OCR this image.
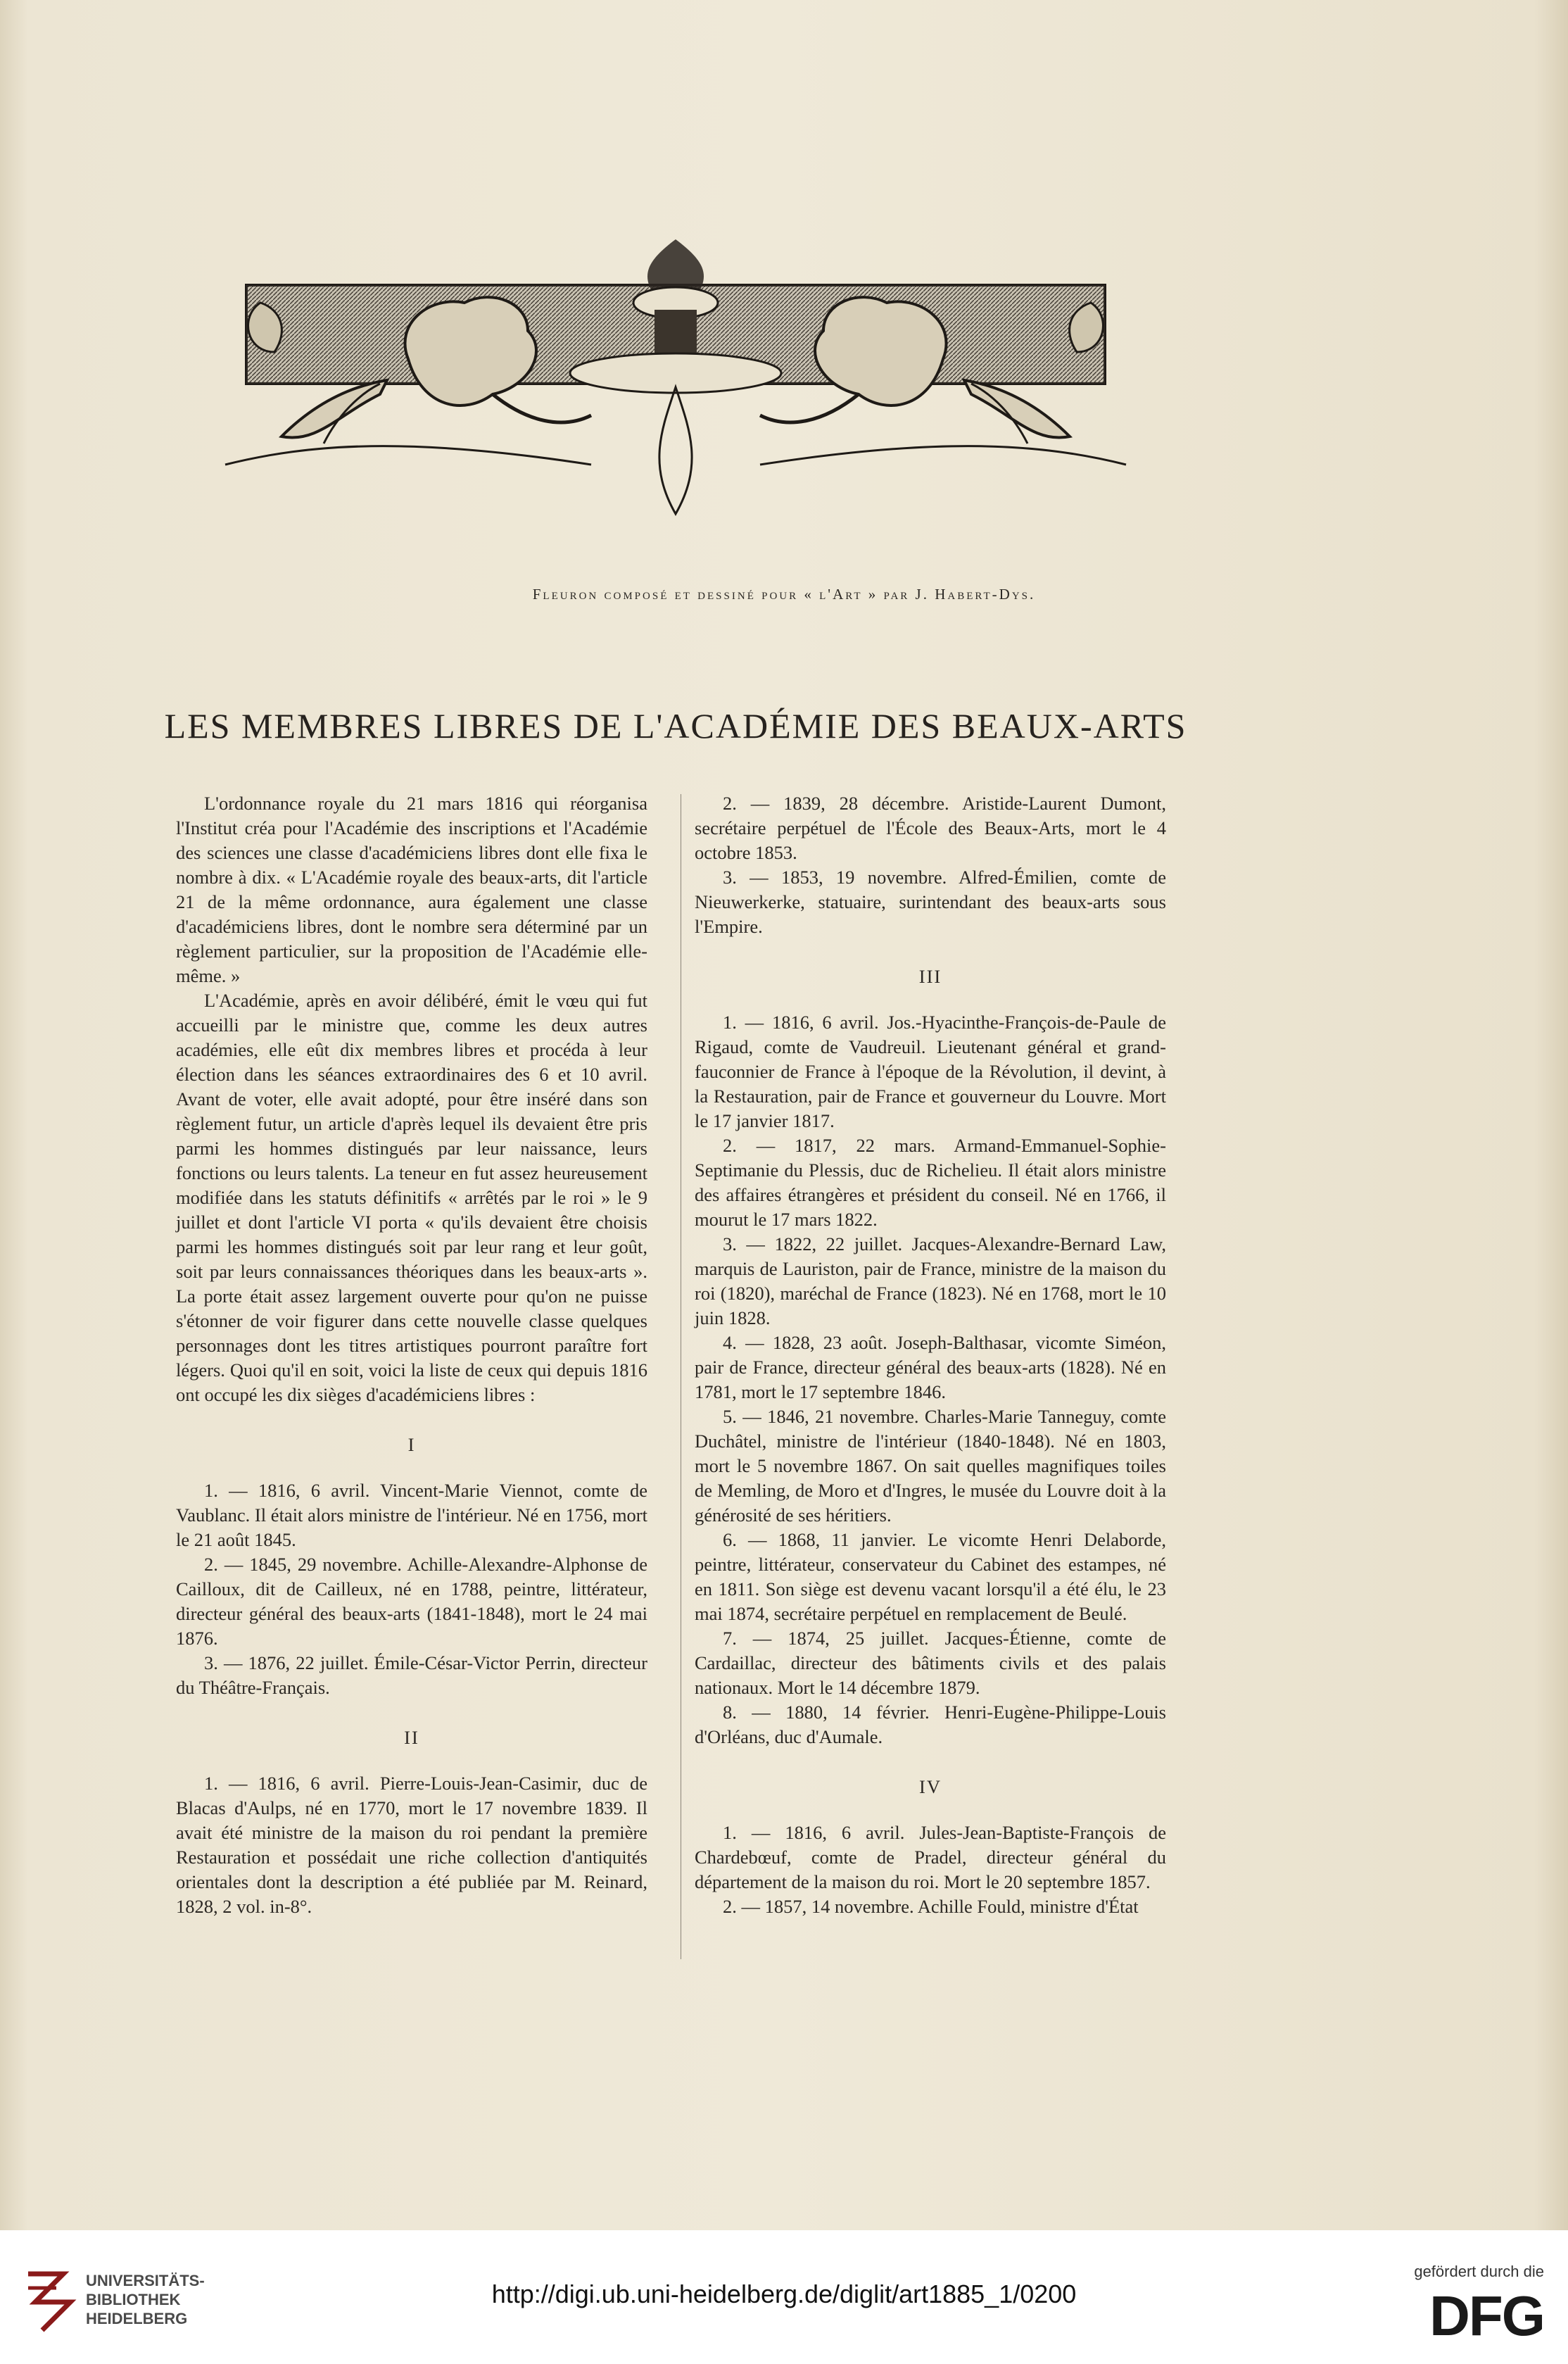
Fleuron composé et dessiné pour « l'Art » par J. Habert-Dys.
LES MEMBRES LIBRES DE L'ACADÉMIE DES BEAUX-ARTS

L'ordonnance royale du 21 mars 1816 qui réorganisa l'Institut créa pour l'Académie des inscriptions et l'Académie des sciences une classe d'académiciens libres dont elle fixa le nombre à dix. « L'Académie royale des beaux-arts, dit l'article 21 de la même ordonnance, aura également une classe d'académiciens libres, dont le nombre sera déterminé par un règlement particulier, sur la proposition de l'Académie elle-même. »

L'Académie, après en avoir délibéré, émit le vœu qui fut accueilli par le ministre que, comme les deux autres académies, elle eût dix membres libres et procéda à leur élection dans les séances extraordinaires des 6 et 10 avril. Avant de voter, elle avait adopté, pour être inséré dans son règlement futur, un article d'après lequel ils devaient être pris parmi les hommes distingués par leur naissance, leurs fonctions ou leurs talents. La teneur en fut assez heureusement modifiée dans les statuts définitifs « arrêtés par le roi » le 9 juillet et dont l'article VI porta « qu'ils devaient être choisis parmi les hommes distingués soit par leur rang et leur goût, soit par leurs connaissances théoriques dans les beaux-arts ». La porte était assez largement ouverte pour qu'on ne puisse s'étonner de voir figurer dans cette nouvelle classe quelques personnages dont les titres artistiques pourront paraître fort légers. Quoi qu'il en soit, voici la liste de ceux qui depuis 1816 ont occupé les dix sièges d'académiciens libres :

I

1. — 1816, 6 avril. Vincent-Marie Viennot, comte de Vaublanc. Il était alors ministre de l'intérieur. Né en 1756, mort le 21 août 1845.

2. — 1845, 29 novembre. Achille-Alexandre-Alphonse de Cailloux, dit de Cailleux, né en 1788, peintre, littérateur, directeur général des beaux-arts (1841-1848), mort le 24 mai 1876.

3. — 1876, 22 juillet. Émile-César-Victor Perrin, directeur du Théâtre-Français.

II

1. — 1816, 6 avril. Pierre-Louis-Jean-Casimir, duc de Blacas d'Aulps, né en 1770, mort le 17 novembre 1839. Il avait été ministre de la maison du roi pendant la première Restauration et possédait une riche collection d'antiquités orientales dont la description a été publiée par M. Reinard, 1828, 2 vol. in-8°.

2. — 1839, 28 décembre. Aristide-Laurent Dumont, secrétaire perpétuel de l'École des Beaux-Arts, mort le 4 octobre 1853.

3. — 1853, 19 novembre. Alfred-Émilien, comte de Nieuwerkerke, statuaire, surintendant des beaux-arts sous l'Empire.

III

1. — 1816, 6 avril. Jos.-Hyacinthe-François-de-Paule de Rigaud, comte de Vaudreuil. Lieutenant général et grand-fauconnier de France à l'époque de la Révolution, il devint, à la Restauration, pair de France et gouverneur du Louvre. Mort le 17 janvier 1817.

2. — 1817, 22 mars. Armand-Emmanuel-Sophie-Septimanie du Plessis, duc de Richelieu. Il était alors ministre des affaires étrangères et président du conseil. Né en 1766, il mourut le 17 mars 1822.

3. — 1822, 22 juillet. Jacques-Alexandre-Bernard Law, marquis de Lauriston, pair de France, ministre de la maison du roi (1820), maréchal de France (1823). Né en 1768, mort le 10 juin 1828.

4. — 1828, 23 août. Joseph-Balthasar, vicomte Siméon, pair de France, directeur général des beaux-arts (1828). Né en 1781, mort le 17 septembre 1846.

5. — 1846, 21 novembre. Charles-Marie Tanneguy, comte Duchâtel, ministre de l'intérieur (1840-1848). Né en 1803, mort le 5 novembre 1867. On sait quelles magnifiques toiles de Memling, de Moro et d'Ingres, le musée du Louvre doit à la générosité de ses héritiers.

6. — 1868, 11 janvier. Le vicomte Henri Delaborde, peintre, littérateur, conservateur du Cabinet des estampes, né en 1811. Son siège est devenu vacant lorsqu'il a été élu, le 23 mai 1874, secrétaire perpétuel en remplacement de Beulé.

7. — 1874, 25 juillet. Jacques-Étienne, comte de Cardaillac, directeur des bâtiments civils et des palais nationaux. Mort le 14 décembre 1879.

8. — 1880, 14 février. Henri-Eugène-Philippe-Louis d'Orléans, duc d'Aumale.

IV

1. — 1816, 6 avril. Jules-Jean-Baptiste-François de Chardebœuf, comte de Pradel, directeur général du département de la maison du roi. Mort le 20 septembre 1857.

2. — 1857, 14 novembre. Achille Fould, ministre d'État

UNIVERSITÄTS-
BIBLIOTHEK
HEIDELBERG
http://digi.ub.uni-heidelberg.de/diglit/art1885_1/0200
gefördert durch die
DFG
